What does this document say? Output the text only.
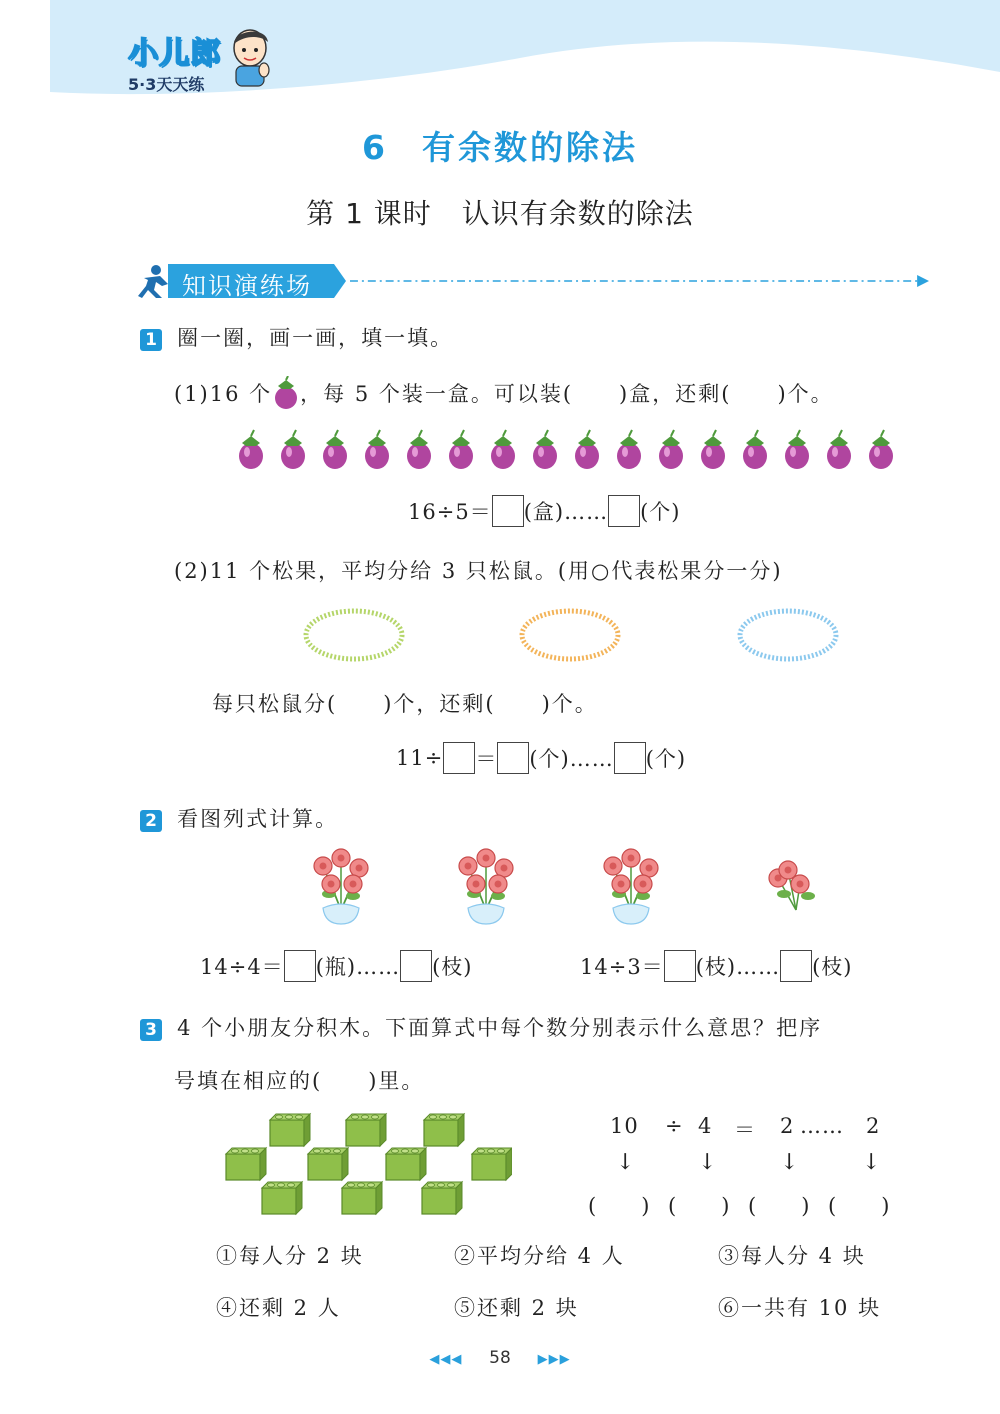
小儿郎
5·3天天练
6 有余数的除法
第 1 课时 认识有余数的除法
知识演练场
1 圈一圈，画一画，填一填。
(1)16 个 ，每 5 个装一盒。可以装(　　)盒，还剩(　　)个。
16÷5＝ (盒)…… (个)
(2)11 个松果，平均分给 3 只松鼠。(用○代表松果分一分)
每只松鼠分(　　)个，还剩(　　)个。
11÷ ＝ (个)…… (个)
2 看图列式计算。
14÷4＝ (瓶)…… (枝)	14÷3＝ (枝)…… (枝)
3 4 个小朋友分积木。下面算式中每个数分别表示什么意思？把序
号填在相应的(　　)里。
10 ÷ 4 ＝ 2 …… 2
↓	↓	↓	↓
(　　) (　　) (　　) (　　)
①每人分 2 块	②平均分给 4 人	③每人分 4 块
④还剩 2 人	⑤还剩 2 块	⑥一共有 10 块
◀◀◀ 58 ▶▶▶
